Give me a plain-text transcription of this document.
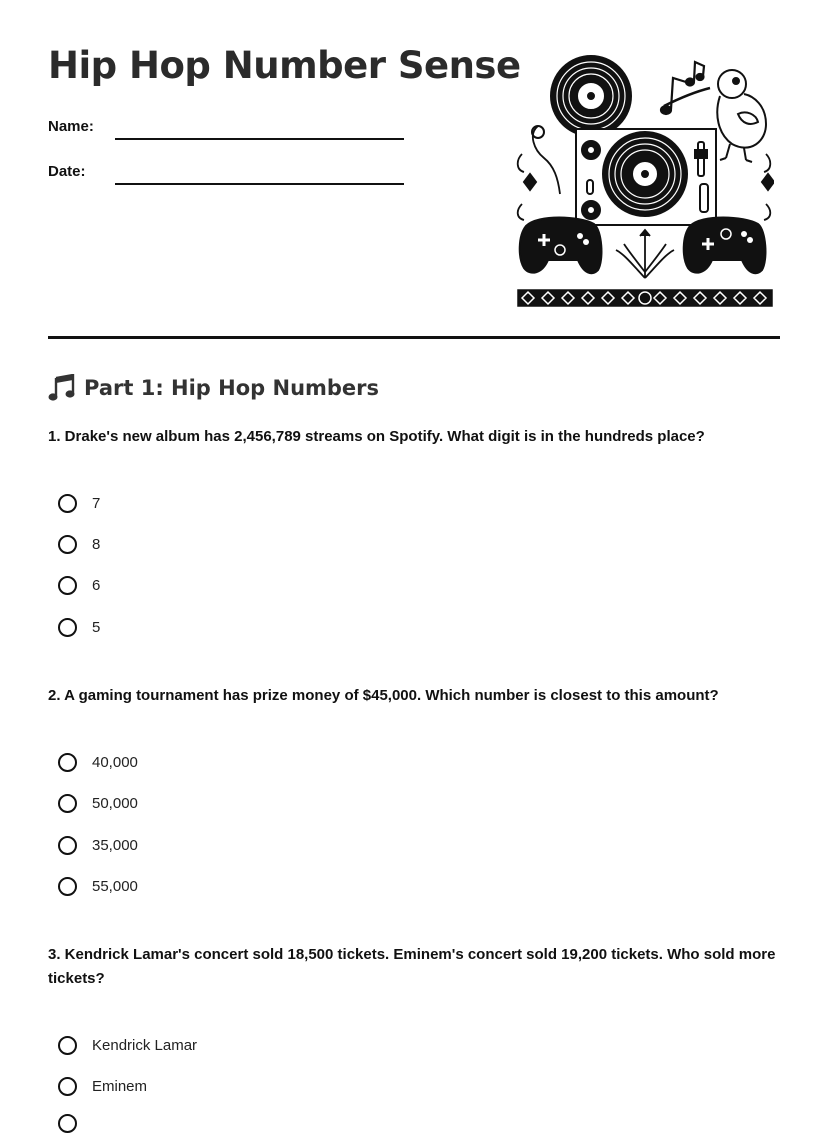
Hip Hop Number Sense
Name:
Date:
Part 1: Hip Hop Numbers

1. Drake's new album has 2,456,789 streams on Spotify. What digit is in the hundreds place?

7
8
6
5

2. A gaming tournament has prize money of $45,000. Which number is closest to this amount?

40,000
50,000
35,000
55,000

3. Kendrick Lamar's concert sold 18,500 tickets. Eminem's concert sold 19,200 tickets. Who sold more tickets?

Kendrick Lamar
Eminem
